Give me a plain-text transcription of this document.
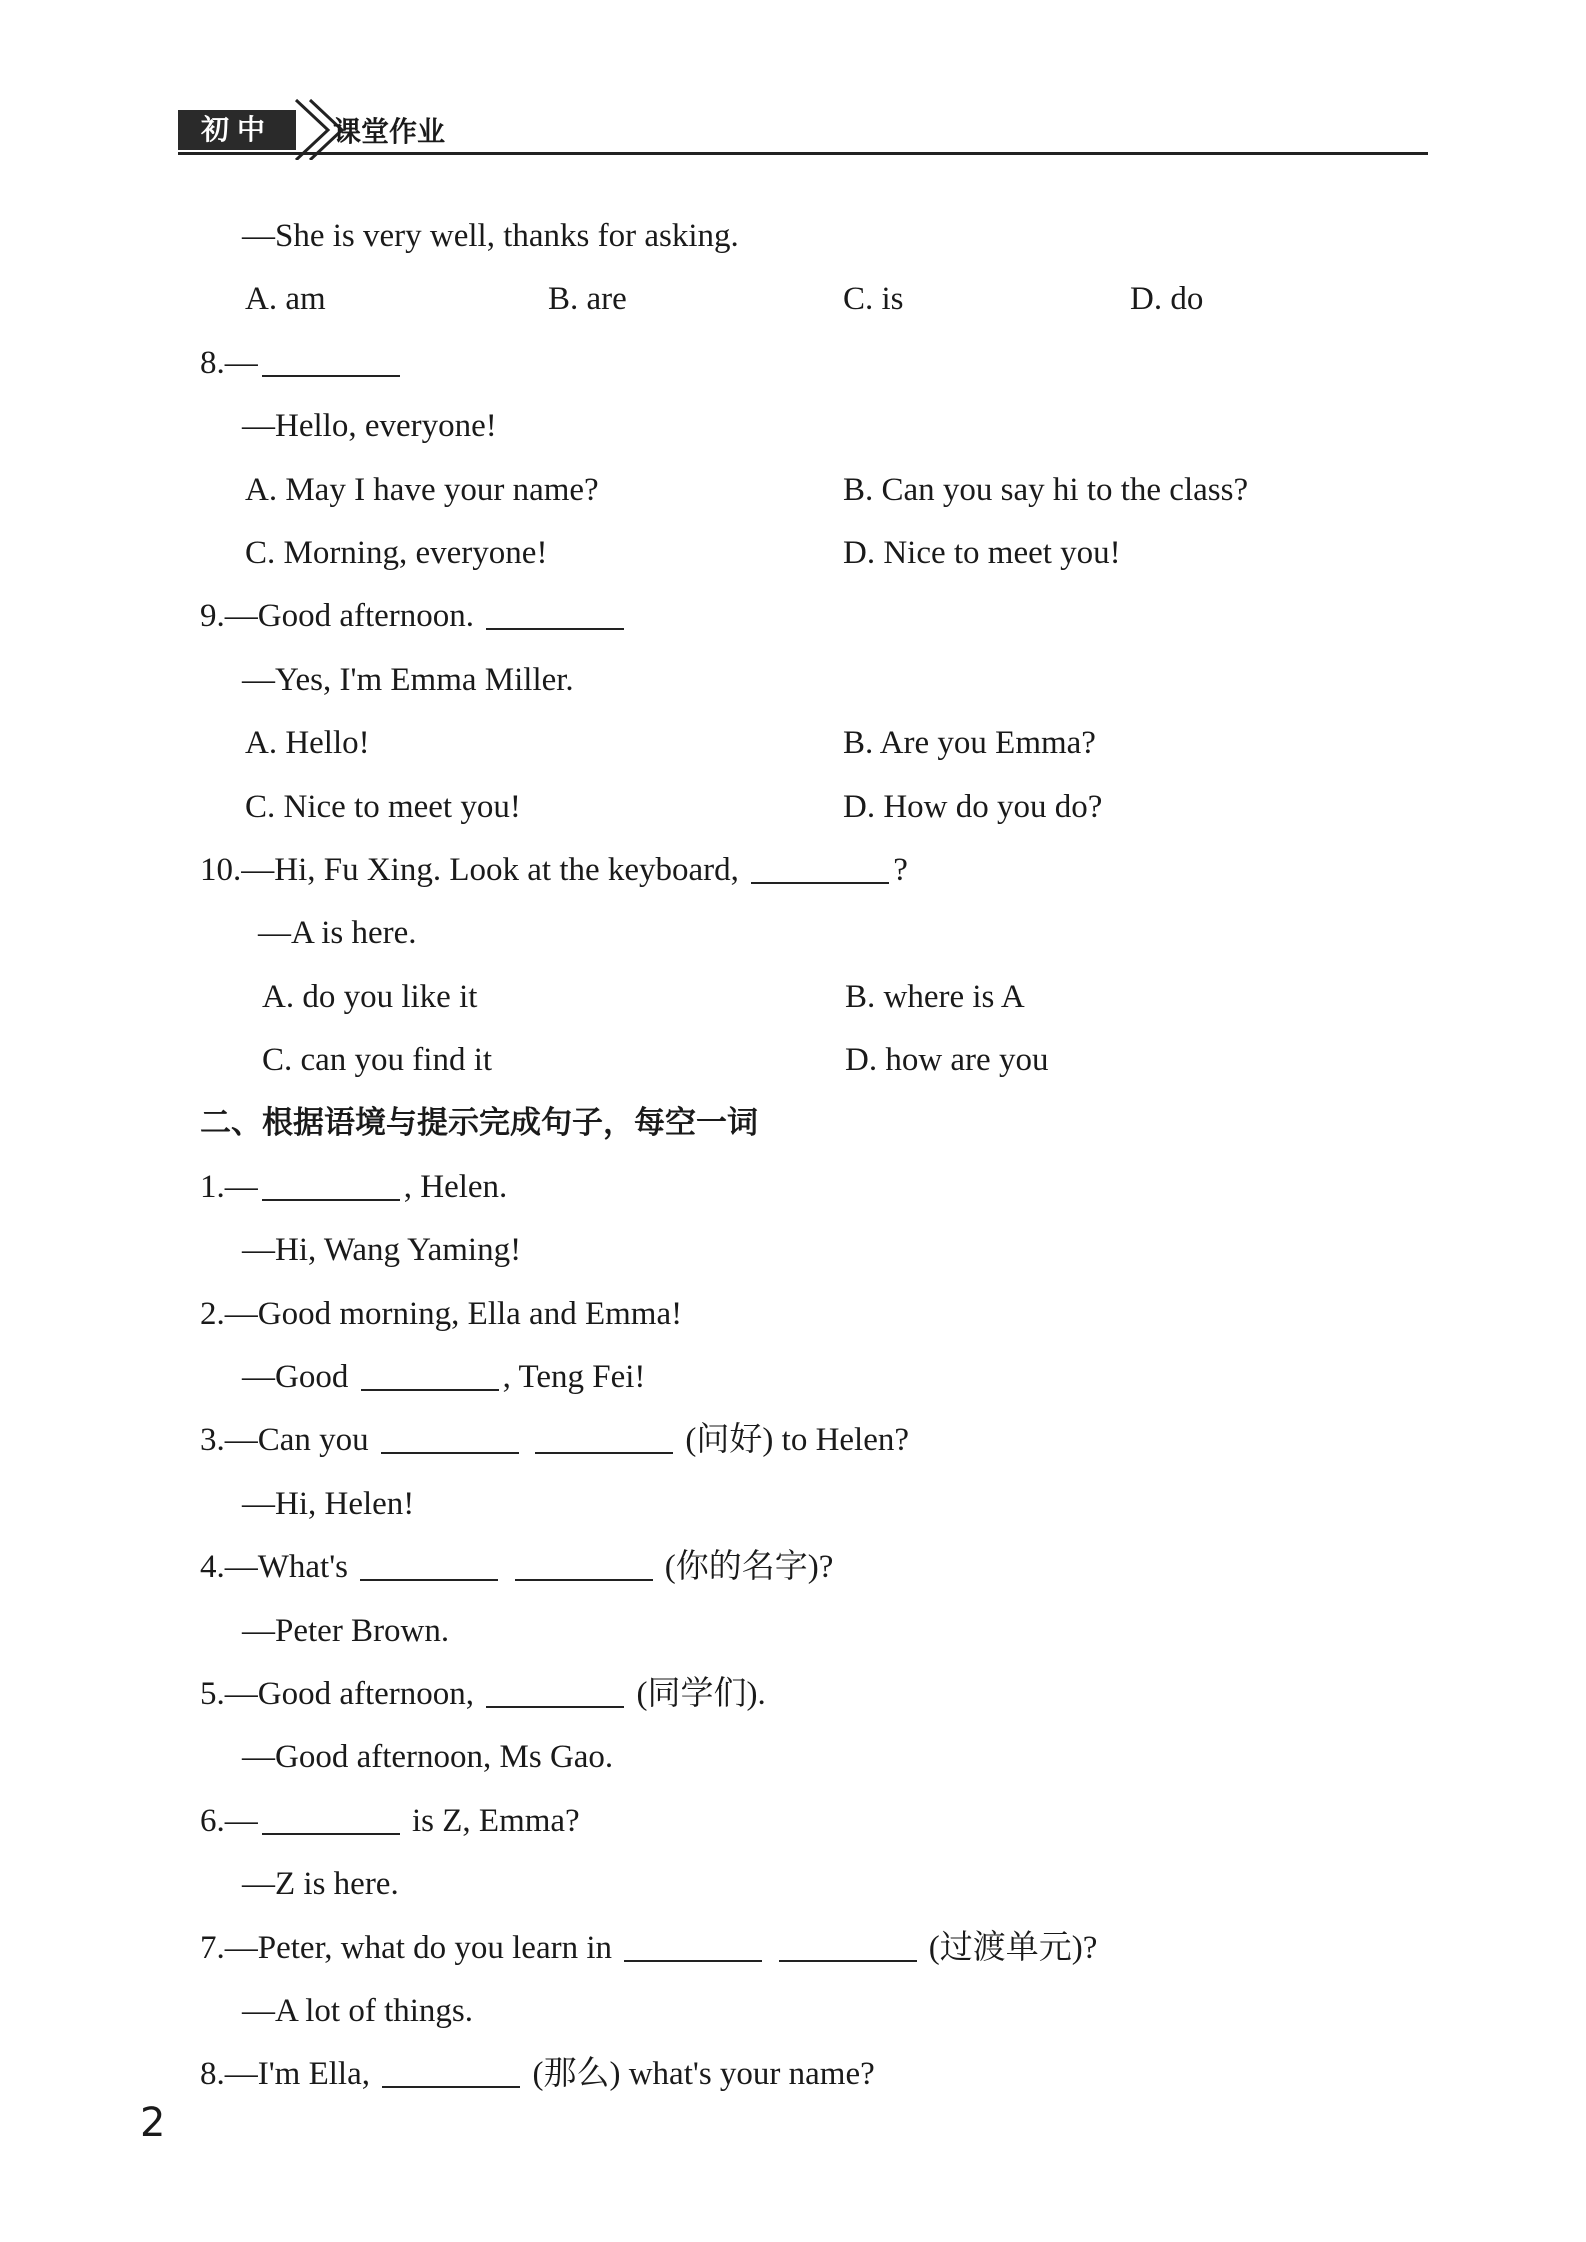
初中	课堂作业
—She is very well, thanks for asking.
A. am	B. are	C. is	D. do
8.—
—Hello, everyone!
A. May I have your name?	B. Can you say hi to the class?
C. Morning, everyone!	D. Nice to meet you!
9.—Good afternoon.
—Yes, I'm Emma Miller.
A. Hello!	B. Are you Emma?
C. Nice to meet you!	D. How do you do?
10.—Hi, Fu Xing. Look at the keyboard,	?
—A is here.
A. do you like it	B. where is A
C. can you find it	D. how are you
二、根据语境与提示完成句子，每空一词
1.—	, Helen.
—Hi, Wang Yaming!
2.—Good morning, Ella and Emma!
—Good	, Teng Fei!
3.—Can you	(问好) to Helen?
—Hi, Helen!
4.—What's	(你的名字)?
—Peter Brown.
5.—Good afternoon,	(同学们).
—Good afternoon, Ms Gao.
6.—	is Z, Emma?
—Z is here.
7.—Peter, what do you learn in	(过渡单元)?
—A lot of things.
8.—I'm Ella,	(那么) what's your name?
2
